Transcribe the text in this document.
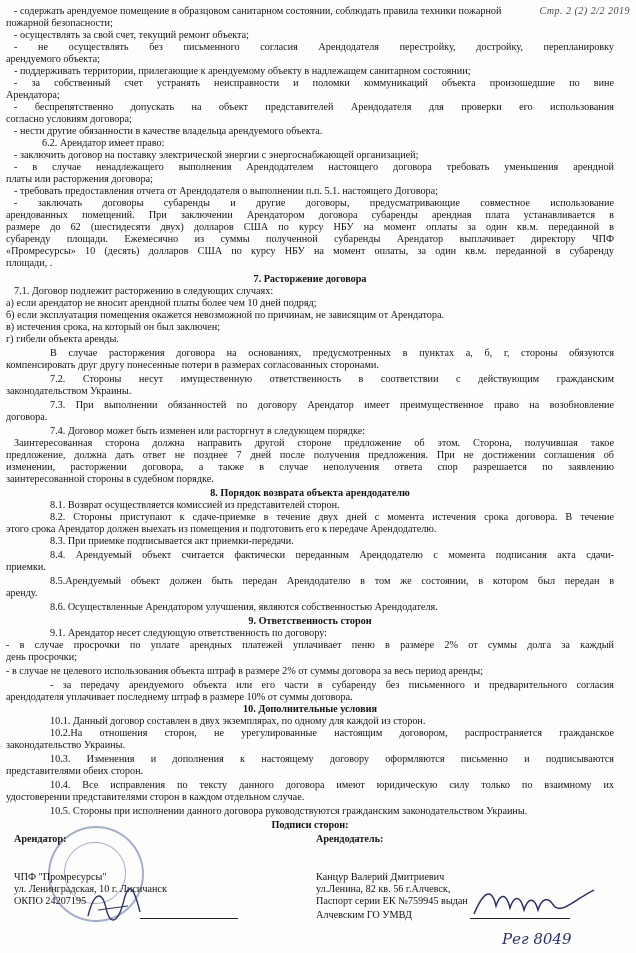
Стр. 2 (2) 2/2 2019
- содержать арендуемое помещение в образцовом санитарном состоянии, соблюдать правила техники пожарной
пожарной безопасности;
- осуществлять за свой счет, текущий ремонт объекта;
- не осуществлять без письменного согласия Арендодателя перестройку, достройку, перепланировку
арендуемого объекта;
- поддерживать территории, прилегающие к арендуемому объекту в надлежащем санитарном состоянии;
- за собственный счет устранять неисправности и поломки коммуникаций объекта произошедшие по вине
Арендатора;
- беспрепятственно допускать на объект представителей Арендодателя для проверки его использования
согласно условиям договора;
- нести другие обязанности в качестве владельца арендуемого объекта.
6.2. Арендатор имеет право:
- заключить договор на поставку электрической энергии с энергоснабжающей организацией;
- в случае ненадлежащего выполнения Арендодателем настоящего договора требовать уменьшения арендной
платы или расторжения договора;
- требовать предоставления отчета от Арендодателя о выполнении п.п. 5.1. настоящего Договора;
- заключать договоры субаренды и другие договоры, предусматривающие совместное использование
арендованных помещений. При заключении Арендатором договора субаренды арендная плата устанавливается в
размере до 62 (шестидесяти двух) долларов США по курсу НБУ на момент оплаты за один кв.м. переданной в
субаренду площади. Ежемесячно из суммы полученной субаренды Арендатор выплачивает директору ЧПФ
«Промресурсы» 10 (десять) долларов США по курсу НБУ на момент оплаты, за один кв.м. переданной в субаренду
площади, .
7. Расторжение договора
7.1. Договор подлежит расторжению в следующих случаях:
а) если арендатор не вносит арендной платы более чем 10 дней подряд;
б) если эксплуатация помещения окажется невозможной по причинам, не зависящим от Арендатора.
в) истечения срока, на который он был заключен;
г) гибели объекта аренды.
В случае расторжения договора на основаниях, предусмотренных в пунктах а, б, г, стороны обязуются
компенсировать друг другу понесенные потери в размерах согласованных сторонами.
7.2. Стороны несут имущественную ответственность в соответствии с действующим гражданским
законодательством Украины.
7.3. При выполнении обязанностей по договору Арендатор имеет преимущественное право на возобновление
договора.
7.4. Договор может быть изменен или расторгнут в следующем порядке:
Заинтересованная сторона должна направить другой стороне предложение об этом. Сторона, получившая такое
предложение, должна дать ответ не позднее 7 дней после получения предложения. При не достижении соглашения об
изменении, расторжении договора, а также в случае неполучения ответа спор разрешается по заявлению
заинтересованной стороны в судебном порядке.
8. Порядок возврата объекта арендодателю
8.1. Возврат осуществляется комиссией из представителей сторон.
8.2. Стороны приступают к сдаче-приемке в течение двух дней с момента истечения срока договора. В течение
этого срока Арендатор должен выехать из помещения и подготовить его к передаче Арендодателю.
8.3. При приемке подписывается акт приемки-передачи.
8.4. Арендуемый объект считается фактически переданным Арендодателю с момента подписания акта сдачи-
приемки.
8.5.Арендуемый объект должен быть передан Арендодателю в том же состоянии, в котором был передан в
аренду.
8.6. Осуществленные Арендатором улучшения, являются собственностью Арендодателя.
9. Ответственность сторон
9.1. Арендатор несет следующую ответственность по договору:
- в случае просрочки по уплате арендных платежей уплачивает пеню в размере 2% от суммы долга за каждый
день просрочки;
- в случае не целевого использования объекта штраф в размере 2% от суммы договора за весь период аренды;
- за передачу арендуемого объекта или его части в субаренду без письменного и предварительного согласия
арендодателя уплачивает последнему штраф в размере 10% от суммы договора.
10. Дополнительные условия
10.1. Данный договор составлен в двух экземплярах, по одному для каждой из сторон.
10.2.На отношения сторон, не урегулированные настоящим договором, распространяется гражданское
законодательство Украины.
10.3. Изменения и дополнения к настоящему договору оформляются письменно и подписываются
представителями обеих сторон.
10.4. Все исправления по тексту данного договора имеют юридическую силу только по взаимному их
удостоверении представителями сторон в каждом отдельном случае.
10.5. Стороны при исполнении данного договора руководствуются гражданским законодательством Украины.
Подписи сторон:
Арендатор:	Арендодатель:
ЧПФ "Промресурсы"
ул. Ленинградская, 10 г. Лисичанск
ОКПО 24207195
Канцур Валерий Дмитриевич
ул.Ленина, 82 кв. 56 г.Алчевск,
Паспорт серии ЕК №759945 выдан
Алчевским ГО УМВД
Рег 8049
